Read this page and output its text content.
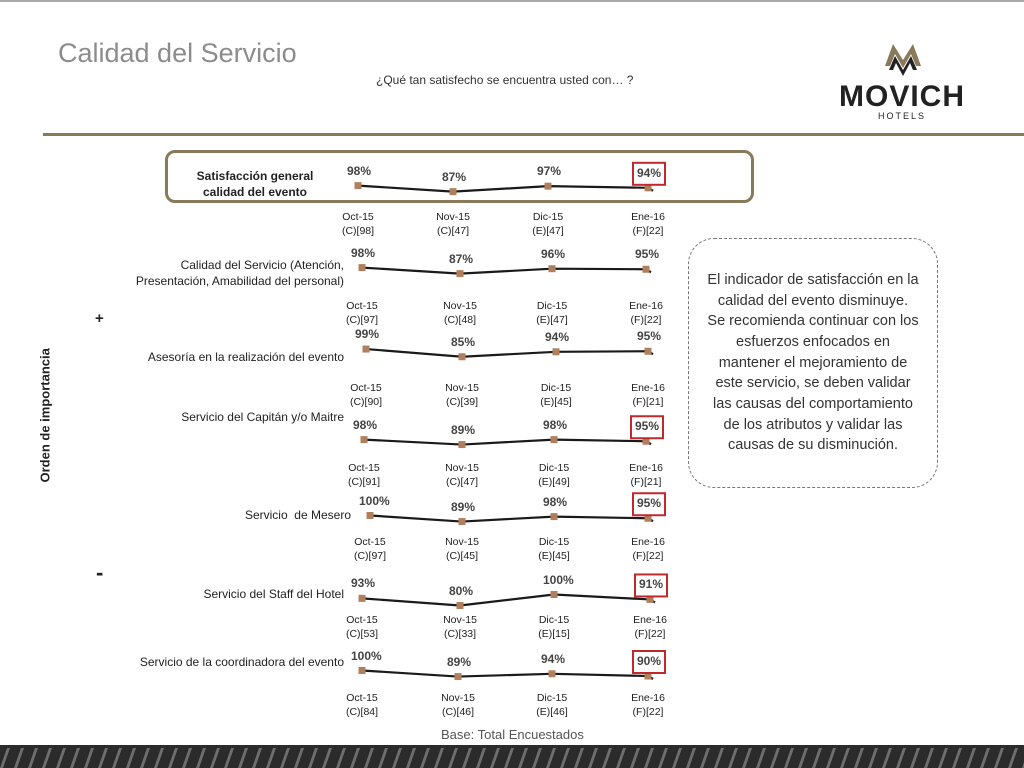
Calidad del Servicio
¿Qué tan satisfecho se encuentra usted con… ?	MOVICH
HOTELS
Orden de importancia
+
-
Satisfacción general
calidad del evento
98%
Oct-15
(C)[98]
87%
Nov-15
(C)[47]
97%
Dic-15
(E)[47]
94%
Ene-16
(F)[22]
Calidad del Servicio (Atención,
Presentación, Amabilidad del personal)
98%
Oct-15
(C)[97]
87%
Nov-15
(C)[48]
96%
Dic-15
(E)[47]
95%
Ene-16
(F)[22]
Asesoría en la realización del evento
99%
Oct-15
(C)[90]
85%
Nov-15
(C)[39]
94%
Dic-15
(E)[45]
95%
Ene-16
(F)[21]
Servicio del Capitán y/o Maitre
98%
Oct-15
(C)[91]
89%
Nov-15
(C)[47]
98%
Dic-15
(E)[49]
95%
Ene-16
(F)[21]
Servicio  de Mesero
100%
Oct-15
(C)[97]
89%
Nov-15
(C)[45]
98%
Dic-15
(E)[45]
95%
Ene-16
(F)[22]
Servicio del Staff del Hotel
93%
Oct-15
(C)[53]
80%
Nov-15
(C)[33]
100%
Dic-15
(E)[15]
91%
Ene-16
(F)[22]
Servicio de la coordinadora del evento 100%
Oct-15
(C)[84]
89%
Nov-15
(C)[46]
94%
Dic-15
(E)[46]
90%
Ene-16
(F)[22]
El indicador de satisfacción en la calidad del evento disminuye.
Se recomienda continuar con los esfuerzos enfocados en mantener el mejoramiento de este servicio, se deben validar las causas del comportamiento de los atributos y validar las causas de su disminución.
Base: Total Encuestados
